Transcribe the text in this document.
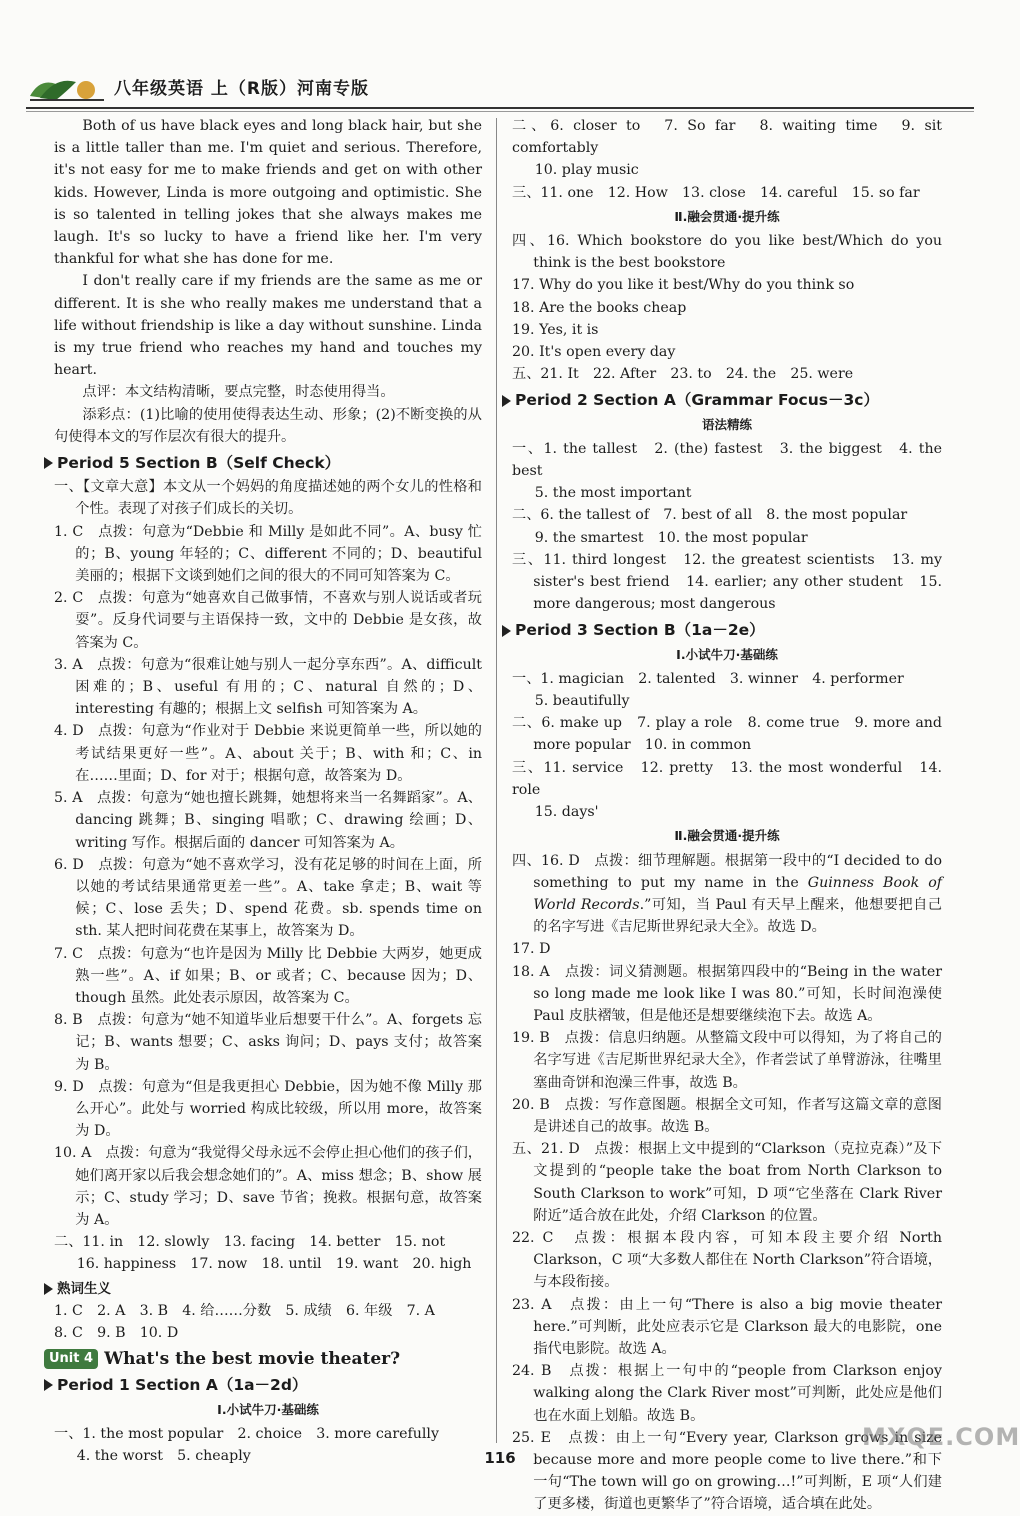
八年级英语 上（R版）河南专版

Both of us have black eyes and long black hair, but she is a little taller than me. I'm quiet and serious. Therefore, it's not easy for me to make friends and get on with other kids. However, Linda is more outgoing and optimistic. She is so talented in telling jokes that she always makes me laugh. It's so lucky to have a friend like her. I'm very thankful for what she has done for me.

I don't really care if my friends are the same as me or different. It is she who really makes me understand that a life without friendship is like a day without sunshine. Linda is my true friend who reaches my hand and touches my heart.

点评：本文结构清晰，要点完整，时态使用得当。

添彩点：(1)比喻的使用使得表达生动、形象；(2)不断变换的从句使得本文的写作层次有很大的提升。

Period 5 Section B（Self Check）

一、【文章大意】本文从一个妈妈的角度描述她的两个女儿的性格和个性。表现了对孩子们成长的关切。

1. C　点拨：句意为“Debbie 和 Milly 是如此不同”。A、busy 忙的；B、young 年轻的；C、different 不同的；D、beautiful 美丽的；根据下文谈到她们之间的很大的不同可知答案为 C。

2. C　点拨：句意为“她喜欢自己做事情，不喜欢与别人说话或者玩耍”。反身代词要与主语保持一致，文中的 Debbie 是女孩，故答案为 C。

3. A　点拨：句意为“很难让她与别人一起分享东西”。A、difficult 困难的；B、useful 有用的；C、natural 自然的；D、interesting 有趣的；根据上文 selfish 可知答案为 A。

4. D　点拨：句意为“作业对于 Debbie 来说更简单一些，所以她的考试结果更好一些”。A、about 关于；B、with 和；C、in 在……里面；D、for 对于；根据句意，故答案为 D。

5. A　点拨：句意为“她也擅长跳舞，她想将来当一名舞蹈家”。A、dancing 跳舞；B、singing 唱歌；C、drawing 绘画；D、writing 写作。根据后面的 dancer 可知答案为 A。

6. D　点拨：句意为“她不喜欢学习，没有花足够的时间在上面，所以她的考试结果通常更差一些”。A、take 拿走；B、wait 等候；C、lose 丢失；D、spend 花费。sb. spends time on sth. 某人把时间花费在某事上，故答案为 D。

7. C　点拨：句意为“也许是因为 Milly 比 Debbie 大两岁，她更成熟一些”。A、if 如果；B、or 或者；C、because 因为；D、though 虽然。此处表示原因，故答案为 C。

8. B　点拨：句意为“她不知道毕业后想要干什么”。A、forgets 忘记；B、wants 想要；C、asks 询问；D、pays 支付；故答案为 B。

9. D　点拨：句意为“但是我更担心 Debbie，因为她不像 Milly 那么开心”。此处与 worried 构成比较级，所以用 more，故答案为 D。

10. A　点拨：句意为“我觉得父母永远不会停止担心他们的孩子们，她们离开家以后我会想念她们的”。A、miss 想念；B、show 展示；C、study 学习；D、save 节省；挽救。根据句意，故答案为 A。

二、11. in　12. slowly　13. facing　14. better　15. not

16. happiness　17. now　18. until　19. want　20. high

熟词生义

1. C　2. A　3. B　4. 给……分数　5. 成绩　6. 年级　7. A

8. C　9. B　10. D

Unit 4 What's the best movie theater?
Period 1 Section A（1a－2d）
Ⅰ.小试牛刀·基础练

一、1. the most popular　2. choice　3. more carefully

4. the worst　5. cheaply

二、6. closer to　7. So far　8. waiting time　9. sit comfortably

10. play music

三、11. one　12. How　13. close　14. careful　15. so far

Ⅱ.融会贯通·提升练

四、16. Which bookstore do you like best/Which do you think is the best bookstore

17. Why do you like it best/Why do you think so

18. Are the books cheap

19. Yes, it is

20. It's open every day

五、21. It　22. After　23. to　24. the　25. were

Period 2 Section A（Grammar Focus－3c）
语法精练

一、1. the tallest　2. (the) fastest　3. the biggest　4. the best

5. the most important

二、6. the tallest of　7. best of all　8. the most popular

9. the smartest　10. the most popular

三、11. third longest　12. the greatest scientists　13. my sister's best friend　14. earlier; any other student　15. more dangerous; most dangerous

Period 3 Section B（1a－2e）
Ⅰ.小试牛刀·基础练

一、1. magician　2. talented　3. winner　4. performer

5. beautifully

二、6. make up　7. play a role　8. come true　9. more and more popular　10. in common

三、11. service　12. pretty　13. the most wonderful　14. role

15. days'

Ⅱ.融会贯通·提升练

四、16. D　点拨：细节理解题。根据第一段中的“I decided to do something to put my name in the Guinness Book of World Records.”可知，当 Paul 有天早上醒来，他想要把自己的名字写进《吉尼斯世界纪录大全》。故选 D。

17. D

18. A　点拨：词义猜测题。根据第四段中的“Being in the water so long made me look like I was 80.”可知，长时间泡澡使 Paul 皮肤褶皱，但是他还是想要继续泡下去。故选 A。

19. B　点拨：信息归纳题。从整篇文段中可以得知，为了将自己的名字写进《吉尼斯世界纪录大全》，作者尝试了单臂游泳，往嘴里塞曲奇饼和泡澡三件事，故选 B。

20. B　点拨：写作意图题。根据全文可知，作者写这篇文章的意图是讲述自己的故事。故选 B。

五、21. D　点拨：根据上文中提到的“Clarkson（克拉克森）”及下文提到的“people take the boat from North Clarkson to South Clarkson to work”可知，D 项“它坐落在 Clark River 附近”适合放在此处，介绍 Clarkson 的位置。

22. C　点拨：根据本段内容，可知本段主要介绍 North Clarkson，C 项“大多数人都住在 North Clarkson”符合语境，与本段衔接。

23. A　点拨：由上一句“There is also a big movie theater here.”可判断，此处应表示它是 Clarkson 最大的电影院，one 指代电影院。故选 A。

24. B　点拨：根据上一句中的“people from Clarkson enjoy walking along the Clark River most”可判断，此处应是他们也在水面上划船。故选 B。

25. E　点拨：由上一句“Every year, Clarkson grows in size because more and more people come to live there.”和下一句“The town will go on growing…!”可判断，E 项“人们建了更多楼，街道也更繁华了”符合语境，适合填在此处。

116
MXQE.COM
